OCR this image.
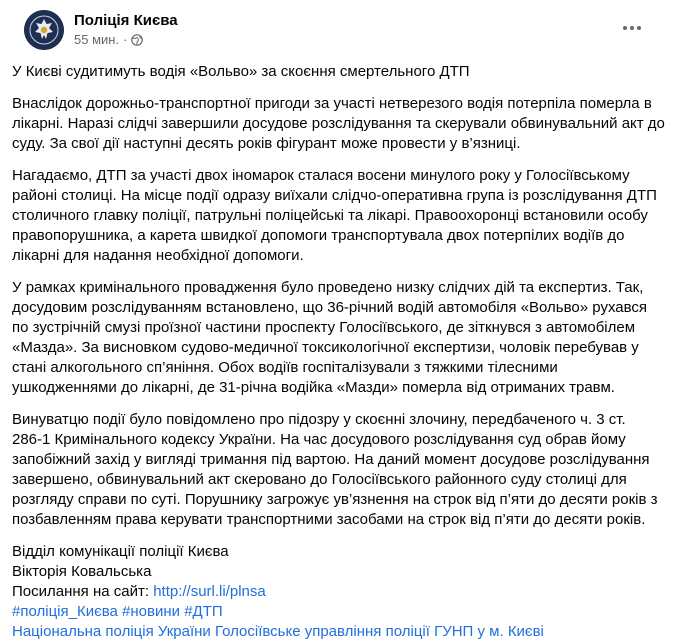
Поліція Києва
55 мин. ·
У Києві судитимуть водія «Вольво» за скоєння смертельного ДТП
Внаслідок дорожньо-транспортної пригоди за участі нетверезого водія потерпіла померла в
лікарні. Наразі слідчі завершили досудове розслідування та скерували обвинувальний акт до
суду. За свої дії наступні десять років фігурант може провести у в’язниці.
Нагадаємо, ДТП за участі двох іномарок сталася восени минулого року у Голосіївському
районі столиці. На місце події одразу виїхали слідчо-оперативна група із розслідування ДТП
столичного главку поліції, патрульні поліцейські та лікарі. Правоохоронці встановили особу
правопорушника, а карета швидкої допомоги транспортувала двох потерпілих водіїв до
лікарні для надання необхідної допомоги.
У рамках кримінального провадження було проведено низку слідчих дій та експертиз. Так,
досудовим розслідуванням встановлено, що 36-річний водій автомобіля «Вольво» рухався
по зустрічній смузі проїзної частини проспекту Голосіївського, де зіткнувся з автомобілем
«Мазда». За висновком судово-медичної токсикологічної експертизи, чоловік перебував у
стані алкогольного сп’яніння. Обох водіїв госпіталізували з тяжкими тілесними
ушкодженнями до лікарні, де 31-річна водійка «Мазди» померла від отриманих травм.
Винуватцю події було повідомлено про підозру у скоєнні злочину, передбаченого ч. 3 ст.
286-1 Кримінального кодексу України. На час досудового розслідування суд обрав йому
запобіжний захід у вигляді тримання під вартою. На даний момент досудове розслідування
завершено, обвинувальний акт скеровано до Голосіївського районного суду столиці для
розгляду справи по суті. Порушнику загрожує ув’язнення на строк від п’яти до десяти років з
позбавленням права керувати транспортними засобами на строк від п’яти до десяти років.
Відділ комунікації поліції Києва
Вікторія Ковальська
Посилання на сайт: http://surl.li/plnsa
#поліція_Києва #новини #ДТП
Національна поліція України Голосіївське управління поліції ГУНП у м. Києві
